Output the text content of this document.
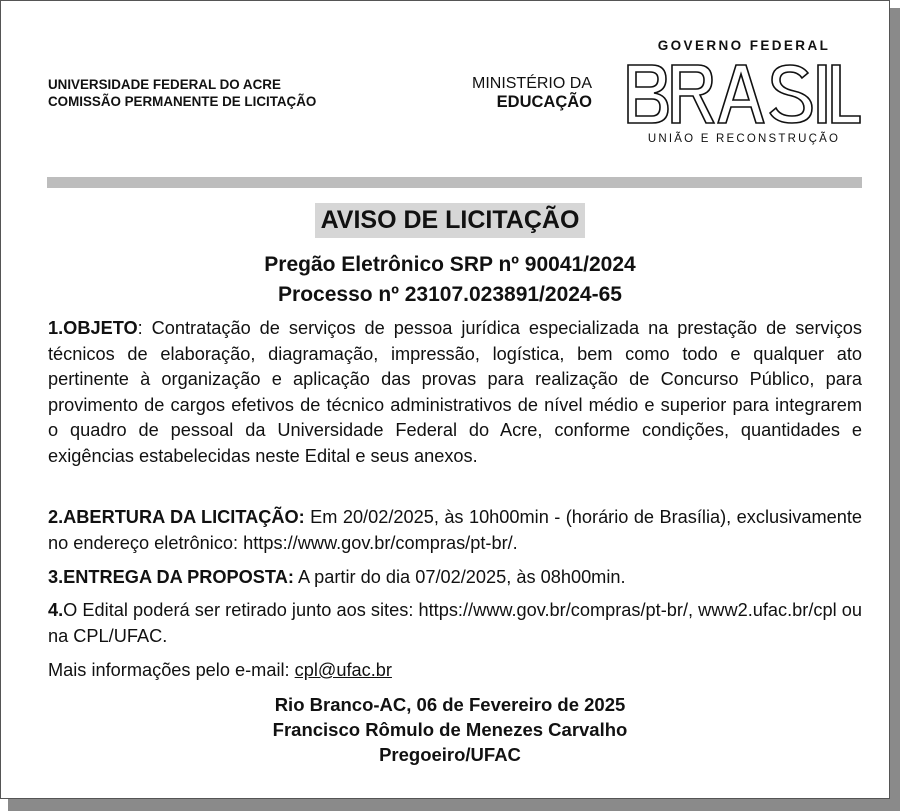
UNIVERSIDADE FEDERAL DO ACRE
COMISSÃO PERMANENTE DE LICITAÇÃO
MINISTÉRIO DA
EDUCAÇÃO
GOVERNO FEDERAL
UNIÃO E RECONSTRUÇÃO
AVISO DE LICITAÇÃO
Pregão Eletrônico SRP nº 90041/2024
Processo nº 23107.023891/2024-65
1.OBJETO: Contratação de serviços de pessoa jurídica especializada na prestação de serviços técnicos de elaboração, diagramação, impressão, logística, bem como todo e qualquer ato pertinente à organização e aplicação das provas para realização de Concurso Público, para provimento de cargos efetivos de técnico administrativos de nível médio e superior para integrarem o quadro de pessoal da Universidade Federal do Acre, conforme condições, quantidades e exigências estabelecidas neste Edital e seus anexos.
2.ABERTURA DA LICITAÇÃO: Em 20/02/2025, às 10h00min - (horário de Brasília), exclusivamente no endereço eletrônico: https://www.gov.br/compras/pt-br/.
3.ENTREGA DA PROPOSTA: A partir do dia 07/02/2025, às 08h00min.
4.O Edital poderá ser retirado junto aos sites: https://www.gov.br/compras/pt-br/, www2.ufac.br/cpl ou na CPL/UFAC.
Mais informações pelo e-mail: cpl@ufac.br
Rio Branco-AC, 06 de Fevereiro de 2025
Francisco Rômulo de Menezes Carvalho
Pregoeiro/UFAC
